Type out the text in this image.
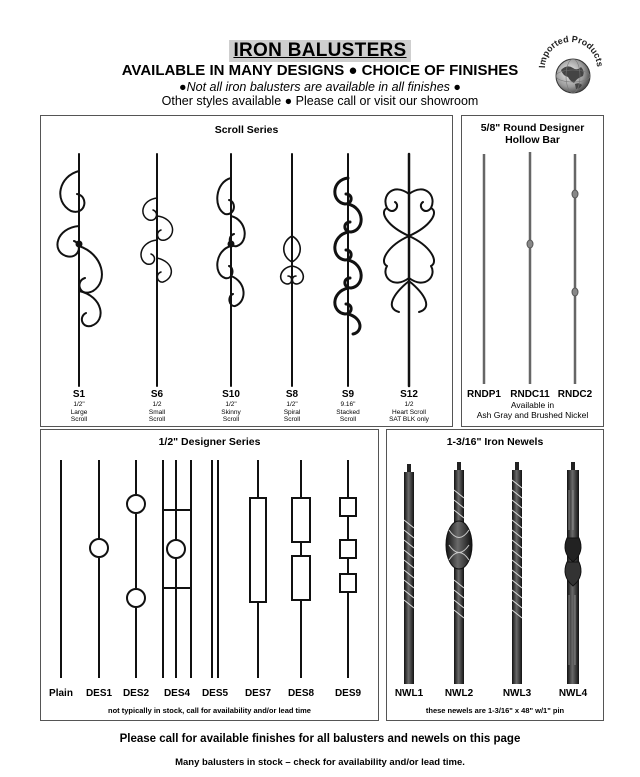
IRON BALUSTERS
AVAILABLE IN MANY DESIGNS ● CHOICE OF FINISHES
●Not all iron balusters are available in all finishes ●
Other styles available ● Please call or visit our showroom
Imported Products
Scroll Series
S1
1/2"
Large
Scroll
S6
1/2
Small
Scroll
S10
1/2"
Skinny
Scroll
S8
1/2"
Spiral
Scroll
S9
9.16"
Stacked
Scroll
S12
1/2
Heart Scroll
SAT BLK only
5/8" Round Designer
Hollow Bar
RNDP1 RNDC11 RNDC2
Available in
Ash Gray and Brushed Nickel
1/2" Designer Series
Plain	DES1	DES2	DES4	DES5	DES7	DES8	DES9
not typically in stock, call for availability and/or lead time
1-3/16" Iron Newels
NWL1	NWL2	NWL3	NWL4
these newels are 1-3/16" x 48" w/1" pin
Please call for available finishes for all balusters and newels on this page
Many balusters in stock – check for availability and/or lead time.
